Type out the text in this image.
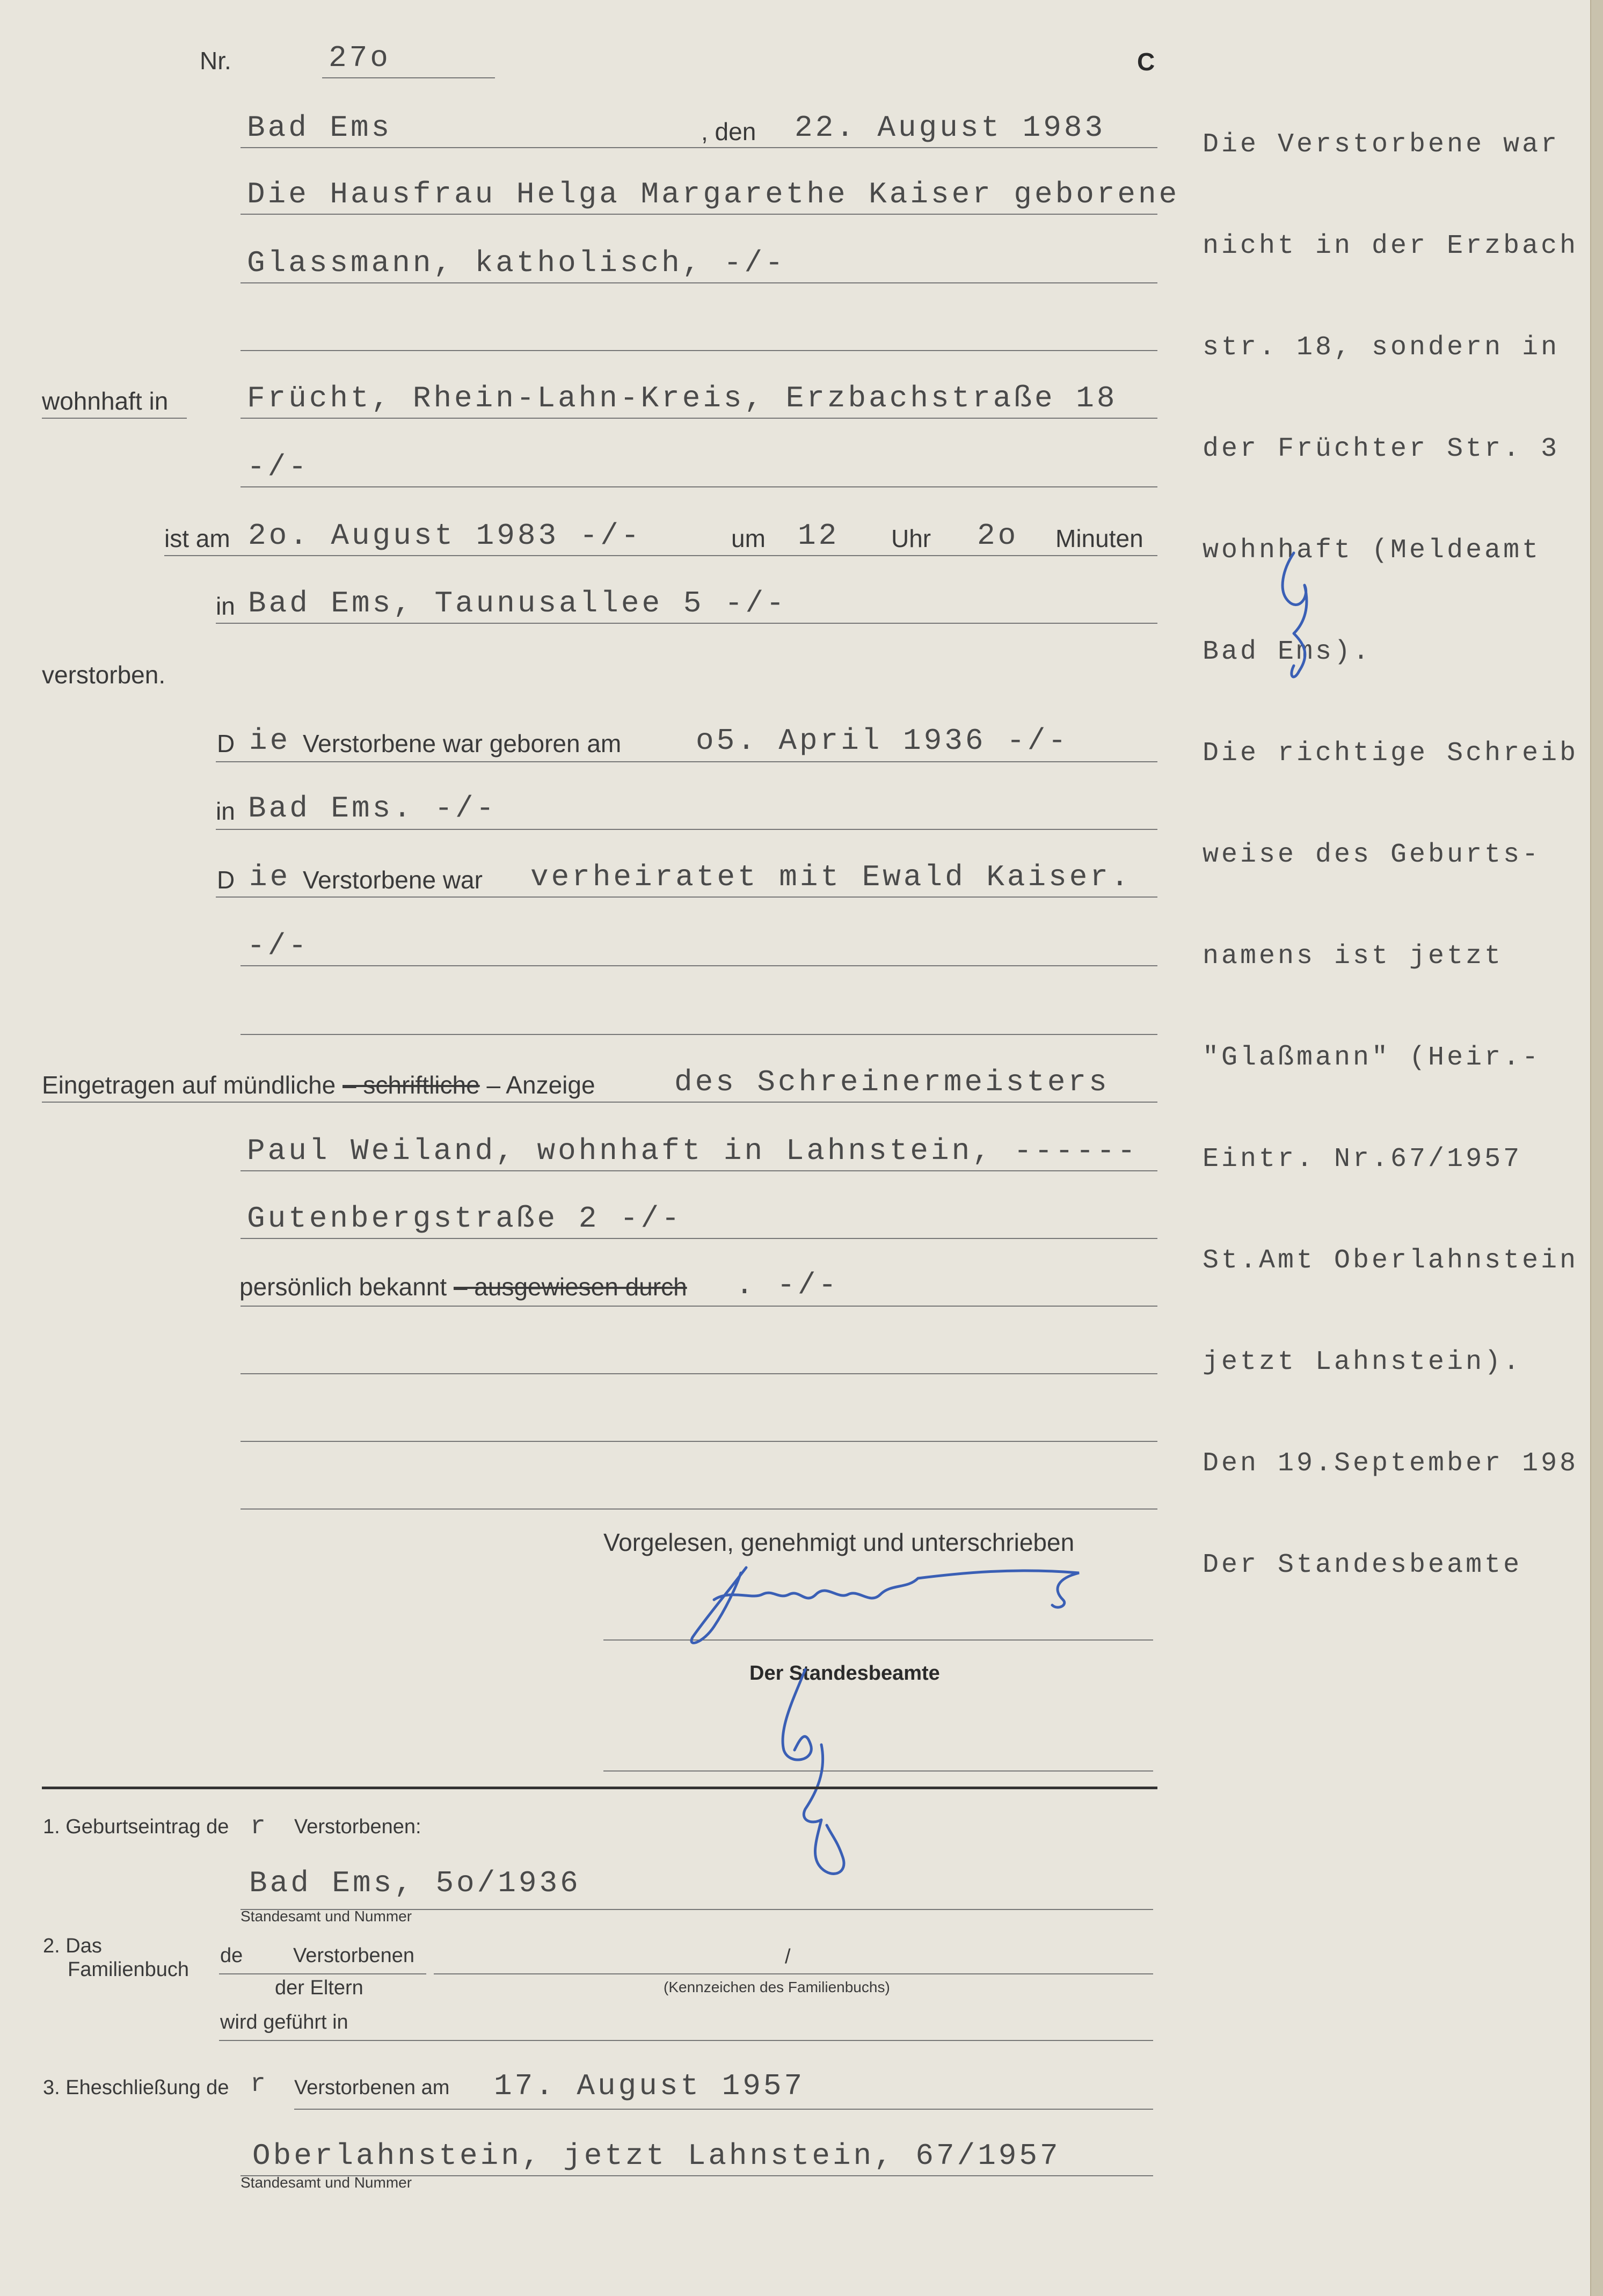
Nr.	27o	C
Bad Ems	, den 22. August 1983
Die Hausfrau Helga Margarethe Kaiser geborene
Glassmann, katholisch, -/-
wohnhaft in	Frücht, Rhein-Lahn-Kreis, Erzbachstraße 18
-/-
ist am 2o. August 1983 -/-	um 12 Uhr 2o Minuten
in Bad Ems, Taunusallee 5 -/-
verstorben.
D ie Verstorbene war geboren am o5. April 1936 -/-
in Bad Ems. -/-
D ie Verstorbene war verheiratet mit Ewald Kaiser.
-/-
Eingetragen auf mündliche – schriftliche – Anzeige	des Schreinermeisters
Paul Weiland, wohnhaft in Lahnstein, ------
Gutenbergstraße 2 -/-
persönlich bekannt – ausgewiesen durch . -/-
Vorgelesen, genehmigt und unterschrieben
Der Standesbeamte
1. Geburtseintrag de r Verstorbenen:
Bad Ems, 5o/1936
Standesamt und Nummer
2. Das
Familienbuch
de Verstorbenen	/
der Eltern	(Kennzeichen des Familienbuchs)
wird geführt in
3. Eheschließung de r Verstorbenen am 17. August 1957
Oberlahnstein, jetzt Lahnstein, 67/1957
Standesamt und Nummer

Die Verstorbene war

nicht in der Erzbach

str. 18, sondern in

der Früchter Str. 3

wohnhaft (Meldeamt

Bad Ems).

Die richtige Schreib

weise des Geburts-

namens ist jetzt

"Glaßmann" (Heir.-

Eintr. Nr.67/1957

St.Amt Oberlahnstein

jetzt Lahnstein).

Den 19.September 198

Der Standesbeamte
